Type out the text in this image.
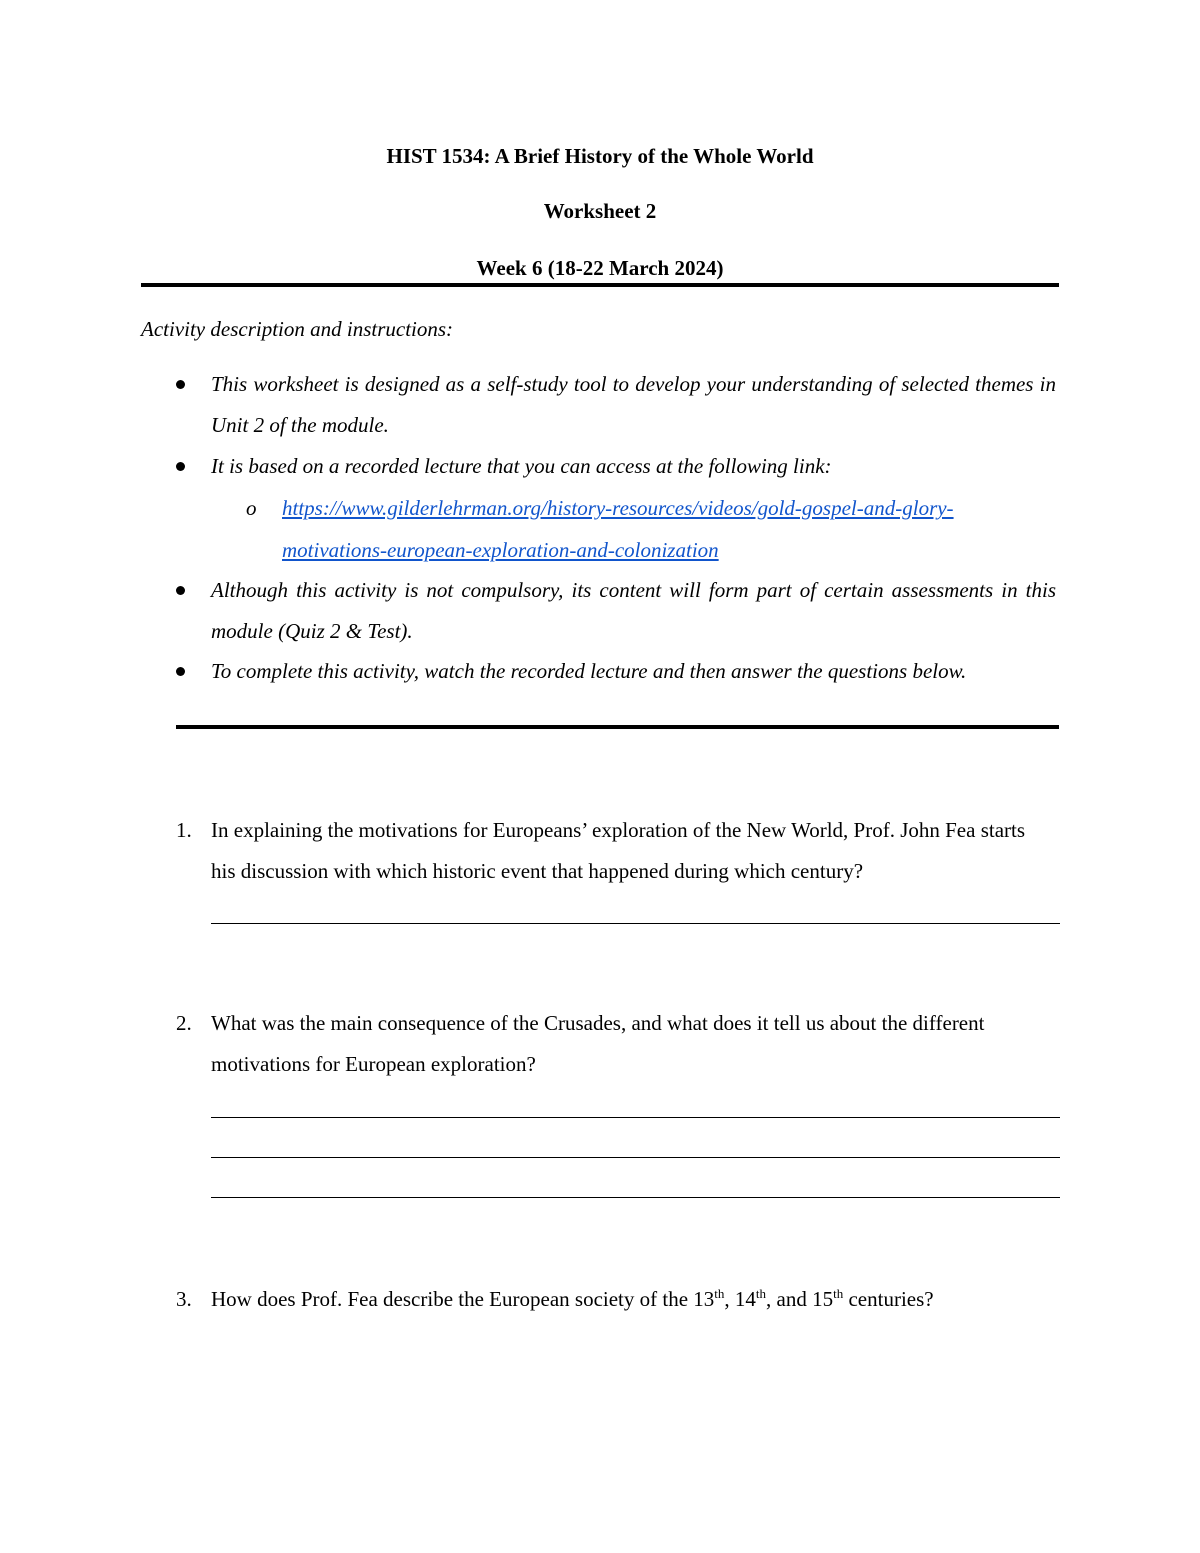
HIST 1534: A Brief History of the Whole World
Worksheet 2
Week 6 (18-22 March 2024)
Activity description and instructions:
This worksheet is designed as a self-study tool to develop your understanding of selected themes in Unit 2 of the module.
It is based on a recorded lecture that you can access at the following link:
o https://www.gilderlehrman.org/history-resources/videos/gold-gospel-and-glory-
motivations-european-exploration-and-colonization
Although this activity is not compulsory, its content will form part of certain assessments in this module (Quiz 2 & Test).
To complete this activity, watch the recorded lecture and then answer the questions below.
1. In explaining the motivations for Europeans’ exploration of the New World, Prof. John Fea starts his discussion with which historic event that happened during which century?
2. What was the main consequence of the Crusades, and what does it tell us about the different motivations for European exploration?
3. How does Prof. Fea describe the European society of the 13th, 14th, and 15th centuries?
